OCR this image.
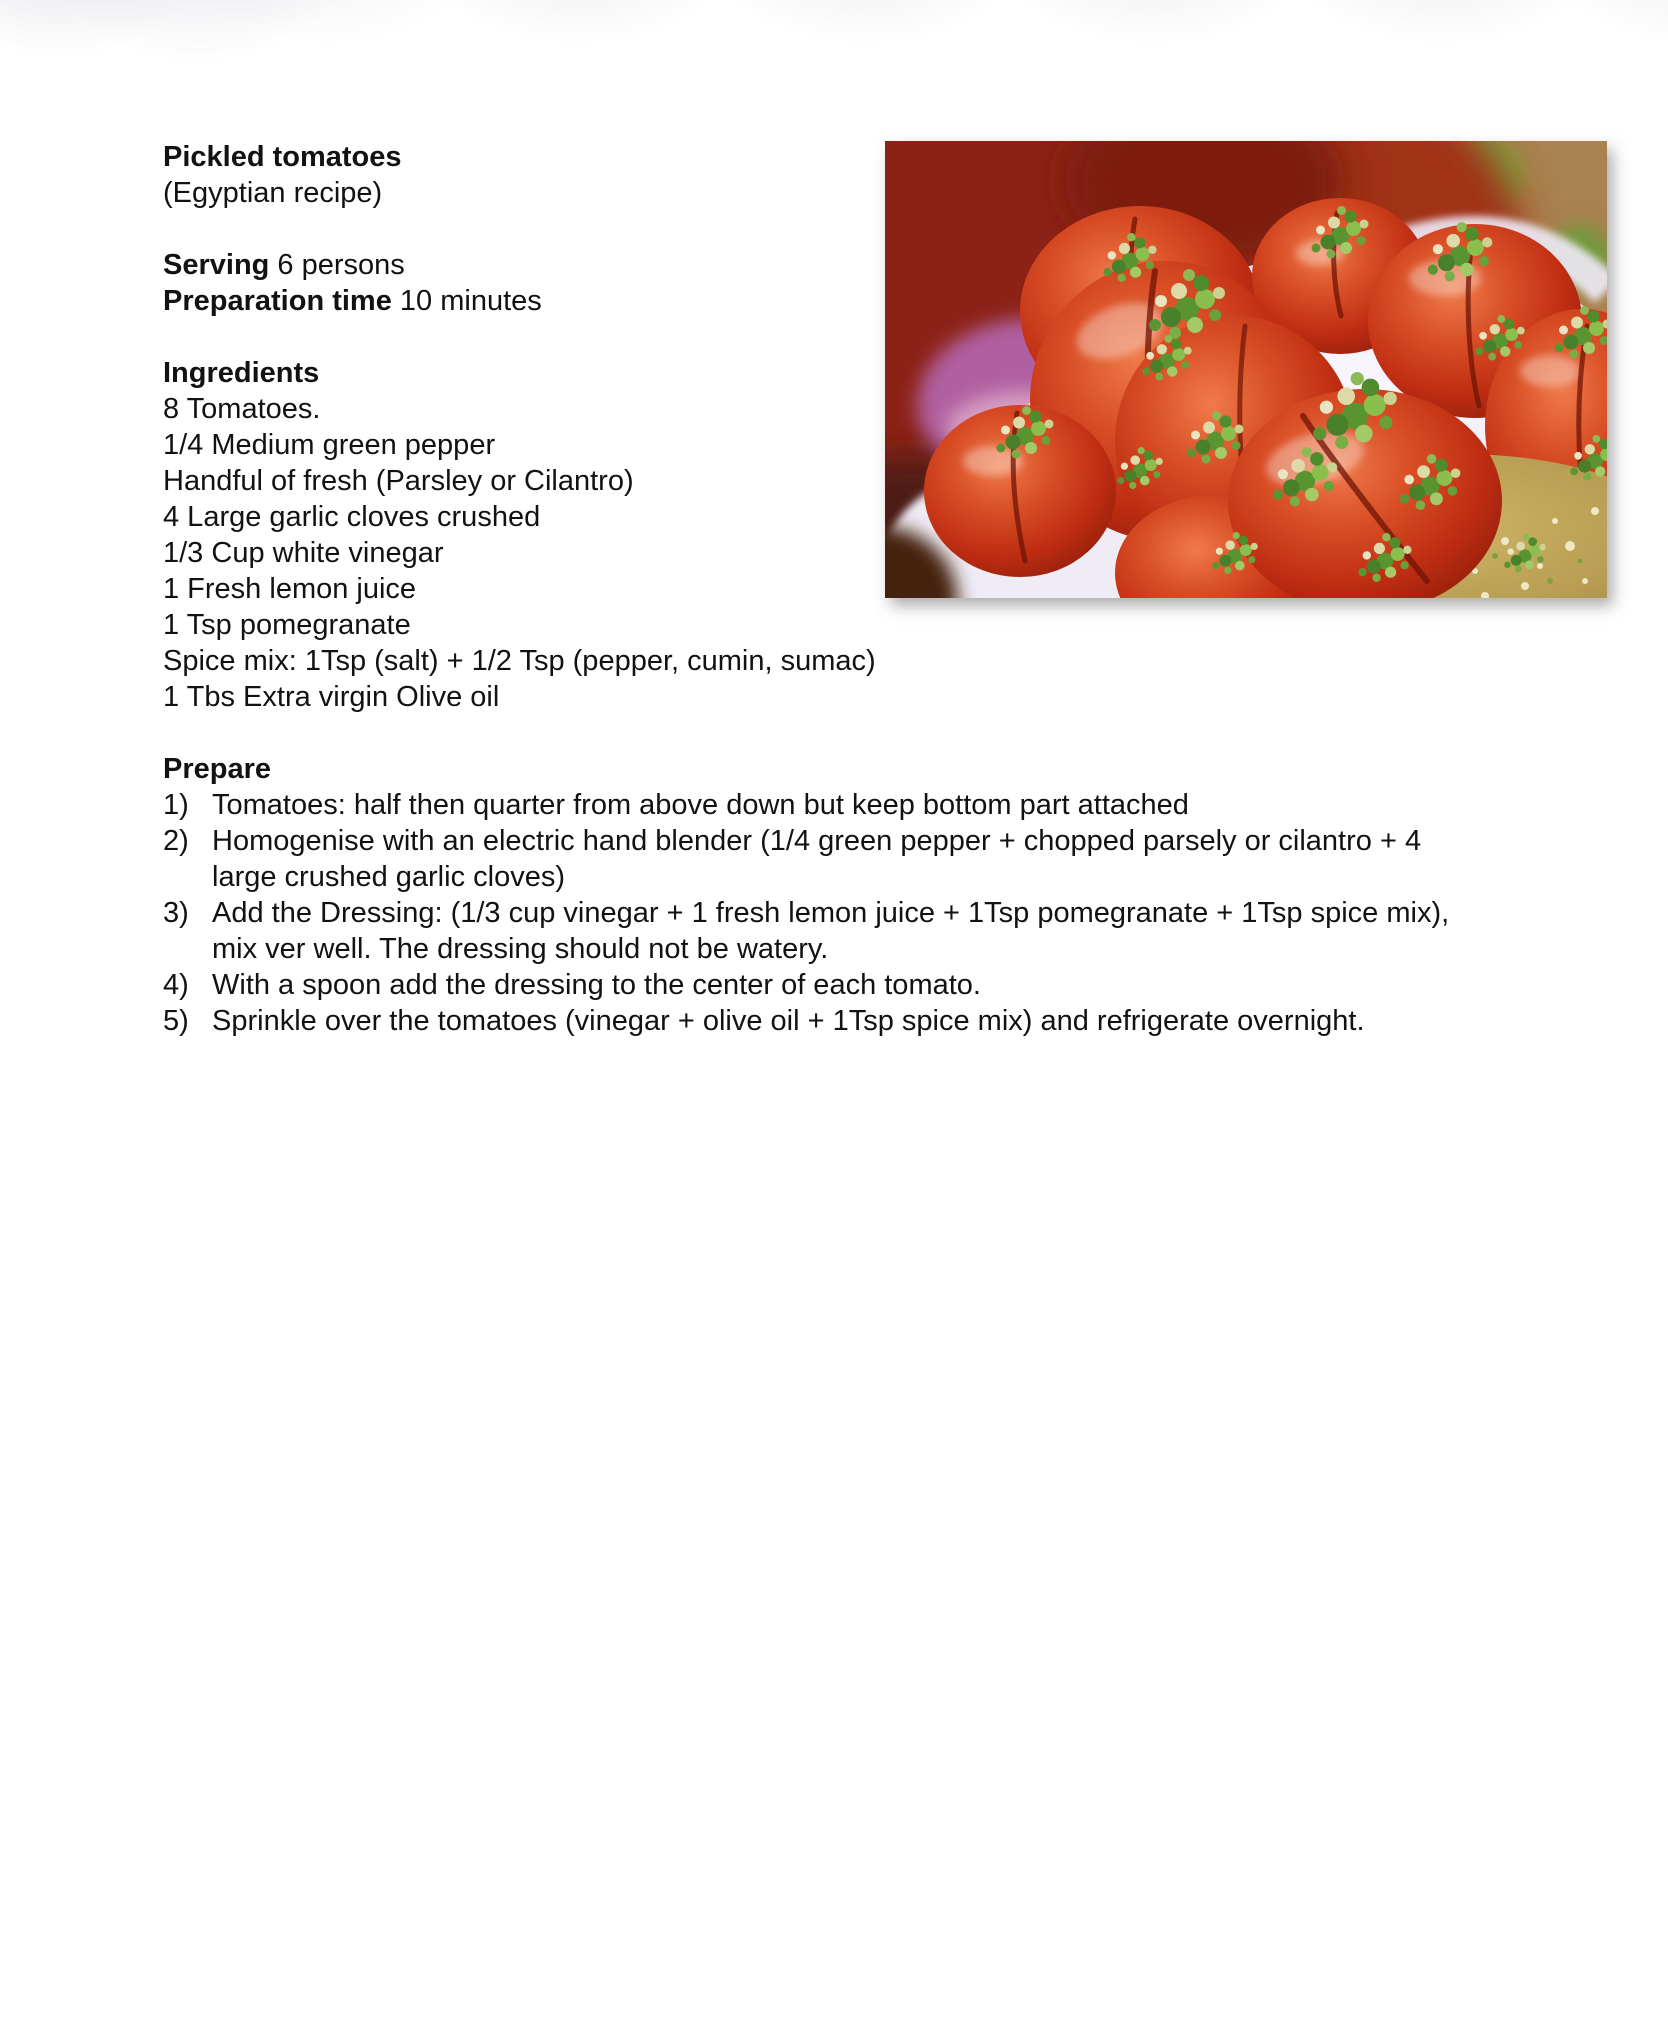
Pickled tomatoes
(Egyptian recipe)
Serving 6 persons
Preparation time 10 minutes
Ingredients
8 Tomatoes.
1/4 Medium green pepper
Handful of fresh (Parsley or Cilantro)
4 Large garlic cloves crushed
1/3 Cup white vinegar
1 Fresh lemon juice
1 Tsp pomegranate
Spice mix: 1Tsp (salt) + 1/2 Tsp (pepper, cumin, sumac)
1 Tbs Extra virgin Olive oil
Prepare
1) Tomatoes: half then quarter from above down but keep bottom part attached
2) Homogenise with an electric hand blender (1/4 green pepper + chopped parsely or cilantro + 4 large crushed garlic cloves)
3) Add the Dressing: (1/3 cup vinegar + 1 fresh lemon juice + 1Tsp pomegranate + 1Tsp spice mix), mix ver well. The dressing should not be watery.
4) With a spoon add the dressing to the center of each tomato.
5) Sprinkle over the tomatoes (vinegar + olive oil + 1Tsp spice mix) and refrigerate overnight.
